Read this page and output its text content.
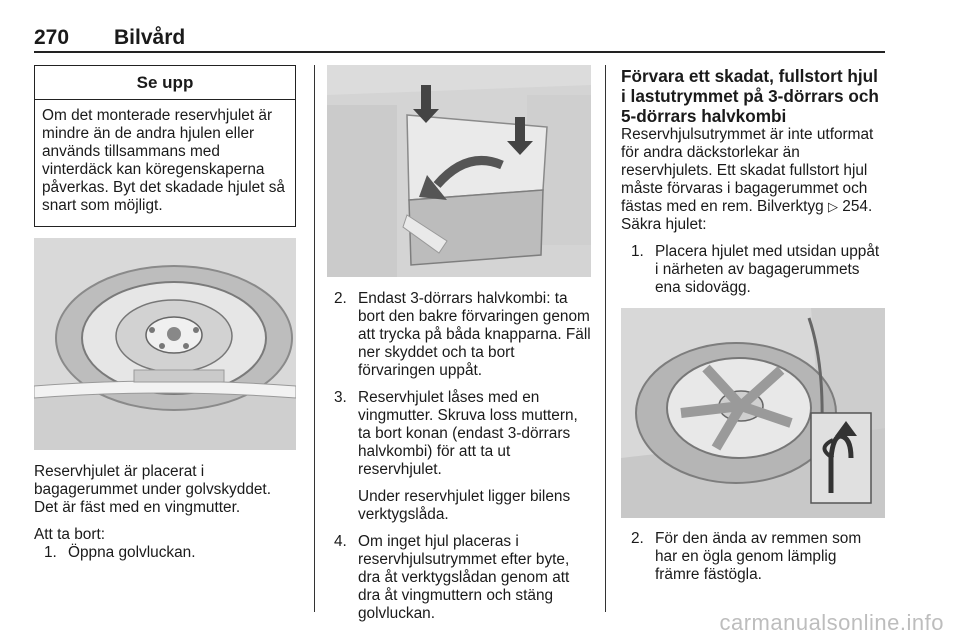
270 Bilvård
Se upp
Om det monterade reservhjulet är mindre än de andra hjulen eller används tillsammans med vinterdäck kan köregenskaperna påverkas. Byt det skadade hjulet så snart som möjligt.

Reservhjulet är placerat i bagagerummet under golvskyddet. Det är fäst med en vingmutter.

Att ta bort:

1. Öppna golvluckan.

2. Endast 3-dörrars halvkombi: ta bort den bakre förvaringen genom att trycka på båda knapparna. Fäll ner skyddet och ta bort förvaringen uppåt.

3. Reservhjulet låses med en vingmutter. Skruva loss muttern, ta bort konan (endast 3-dörrars halvkombi) för att ta ut reservhjulet.

Under reservhjulet ligger bilens verktygslåda.

4. Om inget hjul placeras i reservhjulsutrymmet efter byte, dra åt verktygslådan genom att dra åt vingmuttern och stäng golvluckan.

Förvara ett skadat, fullstort hjul i lastutrymmet på 3-dörrars och 5-dörrars halvkombi

Reservhjulsutrymmet är inte utformat för andra däckstorlekar än reservhjulets. Ett skadat fullstort hjul måste förvaras i bagagerummet och fästas med en rem. Bilverktyg ▷ 254. Säkra hjulet:

1. Placera hjulet med utsidan uppåt i närheten av bagagerummets ena sidovägg.

2. För den ända av remmen som har en ögla genom lämplig främre fästögla.

carmanualsonline.info
